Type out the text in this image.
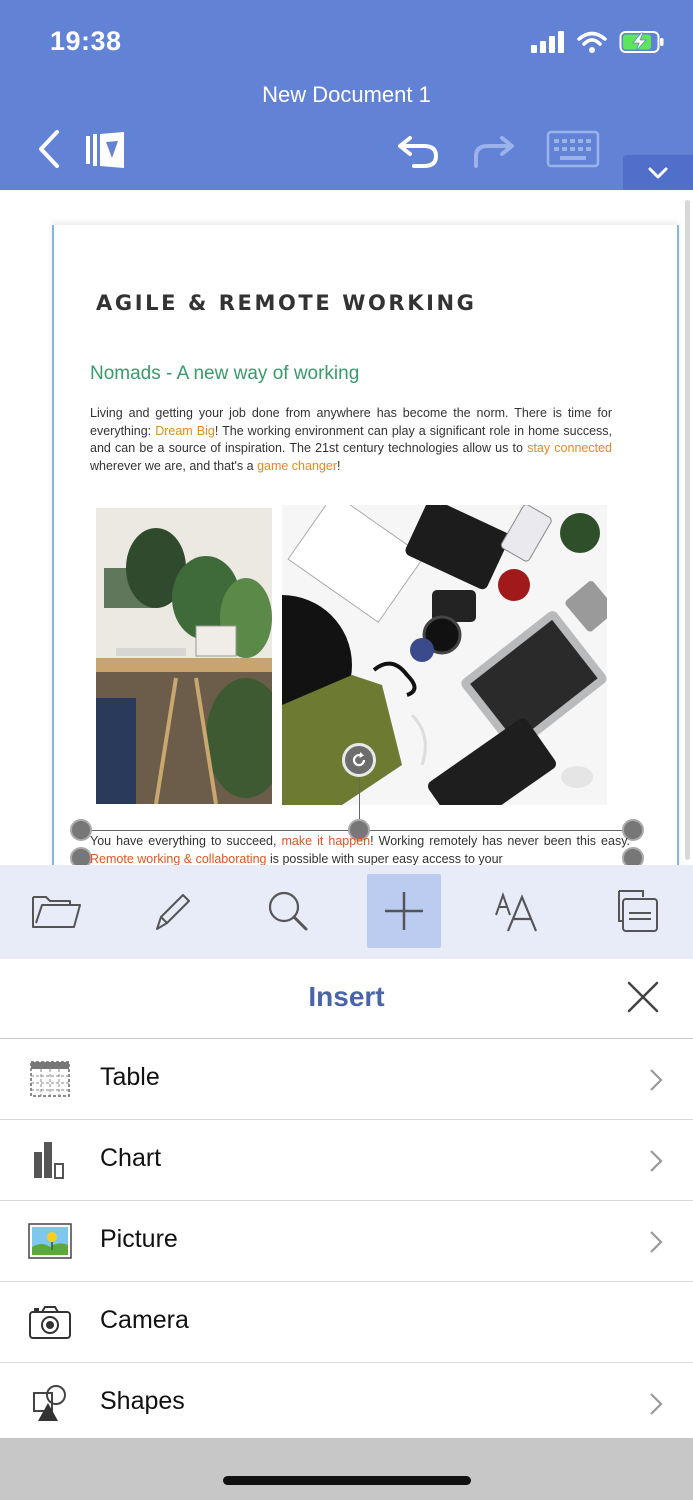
19:38
New Document 1
AGILE & REMOTE WORKING
Nomads - A new way of working
Living and getting your job done from anywhere has become the norm. There is time for everything: Dream Big! The working environment can play a significant role in home success, and can be a source of inspiration. The 21st century technologies allow us to stay connected wherever we are, and that's a game changer!
You have everything to succeed, make it happen! Working remotely has never been this easy. Remote working & collaborating is possible with super easy access to your
Insert
Table
Chart
Picture
Camera
Shapes
